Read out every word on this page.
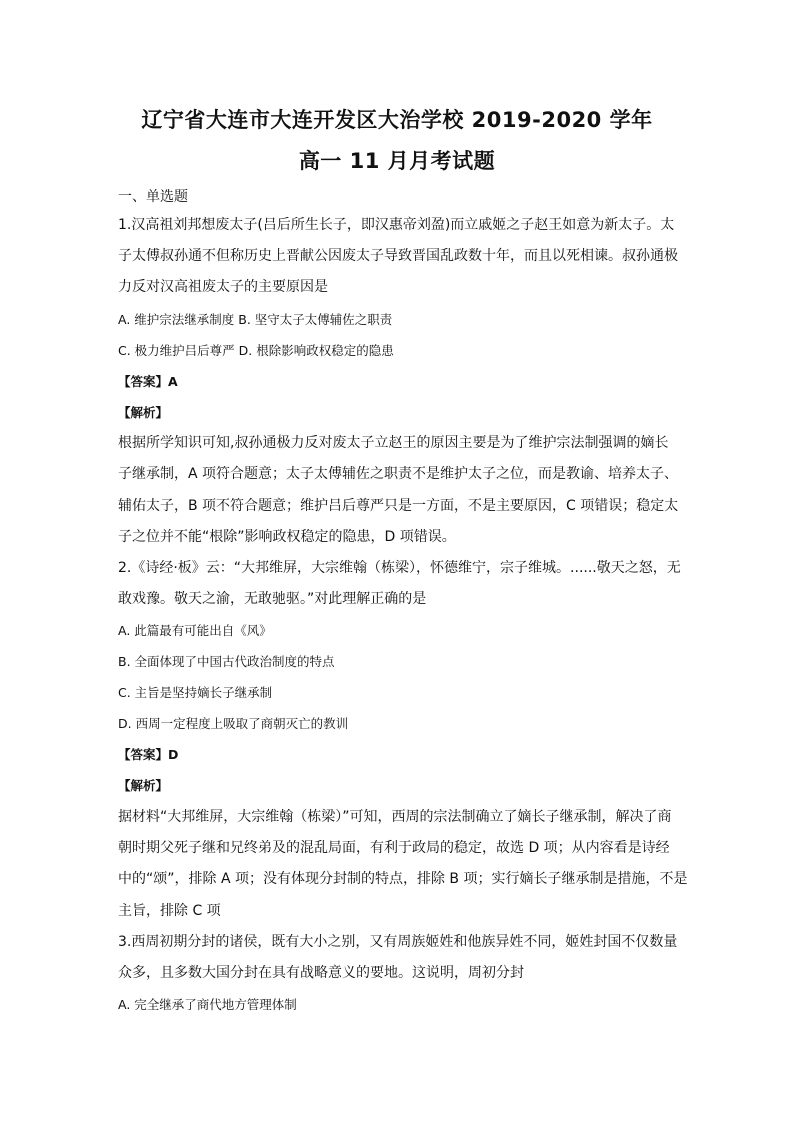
辽宁省大连市大连开发区大治学校 2019-2020 学年
高一 11 月月考试题
一、单选题
1.汉高祖刘邦想废太子(吕后所生长子，即汉惠帝刘盈)而立戚姬之子赵王如意为新太子。太
子太傅叔孙通不但称历史上晋献公因废太子导致晋国乱政数十年，而且以死相谏。叔孙通极
力反对汉高祖废太子的主要原因是
A. 维护宗法继承制度 B. 坚守太子太傅辅佐之职责
C. 极力维护吕后尊严 D. 根除影响政权稳定的隐患
【答案】A
【解析】
根据所学知识可知,叔孙通极力反对废太子立赵王的原因主要是为了维护宗法制强调的嫡长
子继承制，A 项符合题意；太子太傅辅佐之职责不是维护太子之位，而是教谕、培养太子、
辅佑太子，B 项不符合题意；维护吕后尊严只是一方面，不是主要原因，C 项错误；稳定太
子之位并不能“根除”影响政权稳定的隐患，D 项错误。
2.《诗经·板》云：“大邦维屏，大宗维翰（栋梁），怀德维宁，宗子维城。......敬天之怒，无
敢戏豫。敬天之渝，无敢驰驱。”对此理解正确的是
A. 此篇最有可能出自《风》
B. 全面体现了中国古代政治制度的特点
C. 主旨是坚持嫡长子继承制
D. 西周一定程度上吸取了商朝灭亡的教训
【答案】D
【解析】
据材料“大邦维屏，大宗维翰（栋梁）”可知，西周的宗法制确立了嫡长子继承制，解决了商
朝时期父死子继和兄终弟及的混乱局面，有利于政局的稳定，故选 D 项；从内容看是诗经
中的“颂”，排除 A 项；没有体现分封制的特点，排除 B 项；实行嫡长子继承制是措施，不是
主旨，排除 C 项
3.西周初期分封的诸侯，既有大小之别，又有周族姬姓和他族异姓不同，姬姓封国不仅数量
众多，且多数大国分封在具有战略意义的要地。这说明，周初分封
A. 完全继承了商代地方管理体制
